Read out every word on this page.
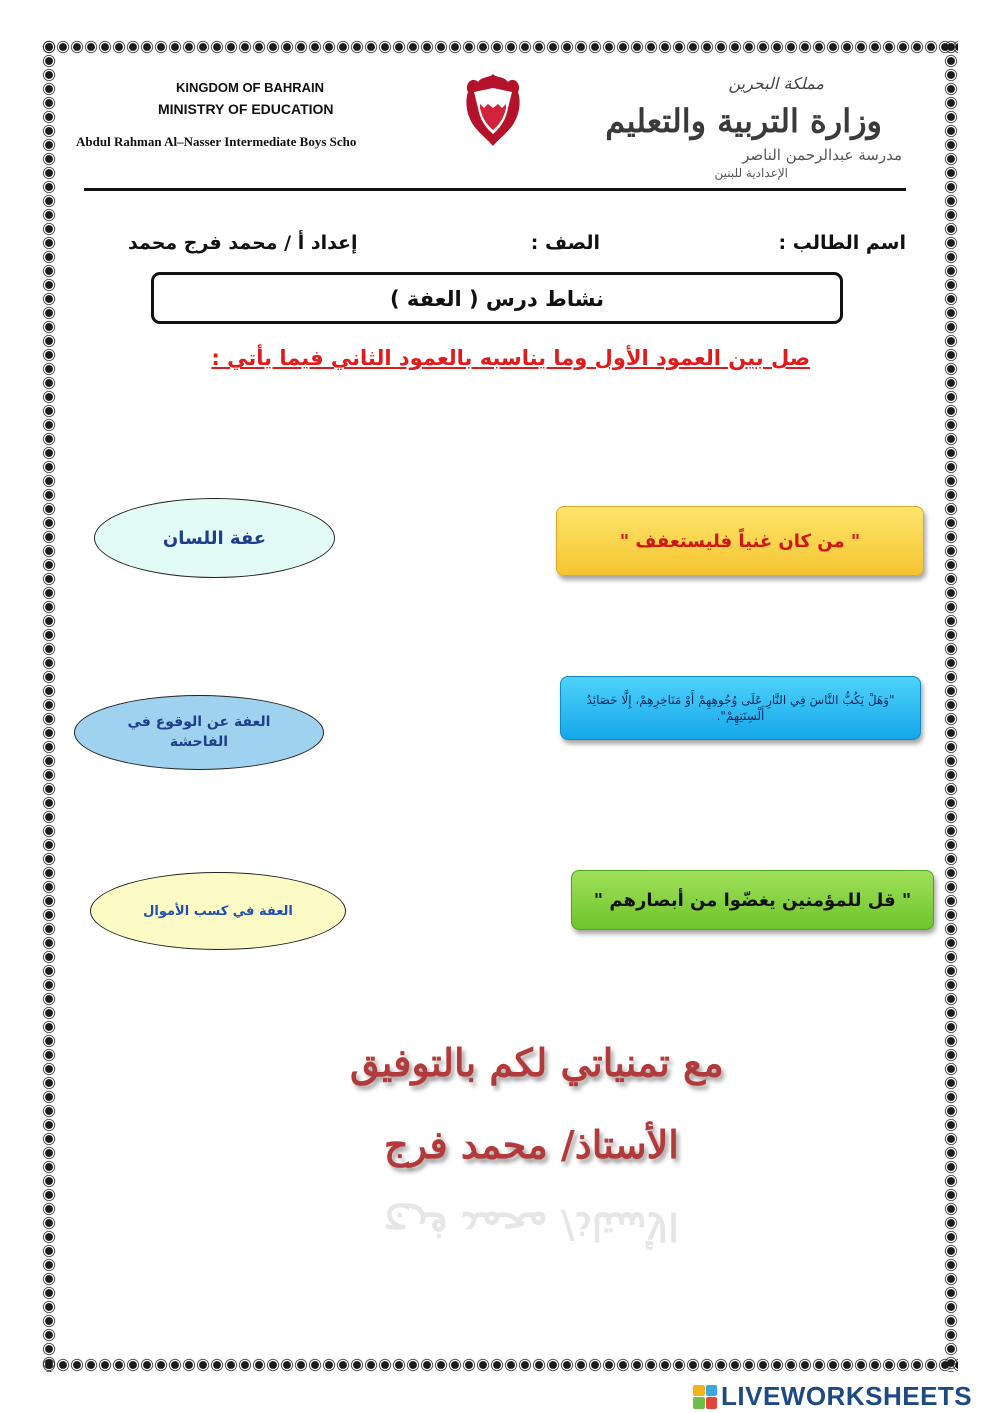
KINGDOM OF BAHRAIN
MINISTRY OF EDUCATION
Abdul Rahman Al–Nasser Intermediate Boys Scho
مملكة البحرين
وزارة التربية والتعليم
مدرسة عبدالرحمن الناصر
الإعدادية للبنين
اسم الطالب :
الصف :
إعداد أ / محمد فرج محمد
نشاط درس ( العفة )
صل بين العمود الأول وما يناسبه بالعمود الثاني فيما يأتي :
" من كان غنياً فليستعفف "
"وَهَلْ يَكُبُّ النَّاسَ فِي النَّارِ عَلَى وُجُوهِهِمْ أَوْ مَنَاخِرِهِمْ، إِلَّا حَصَائِدُ أَلْسِنَتِهِمْ".
" قل للمؤمنين يغضّوا من أبصارهم "
عفة اللسان
العفة عن الوقوع في الفاحشة
العفة في كسب الأموال
مع تمنياتي لكم بالتوفيق
الأستاذ/ محمد فرج
الأستاذ/ محمد فرج
LIVEWORKSHEETS
